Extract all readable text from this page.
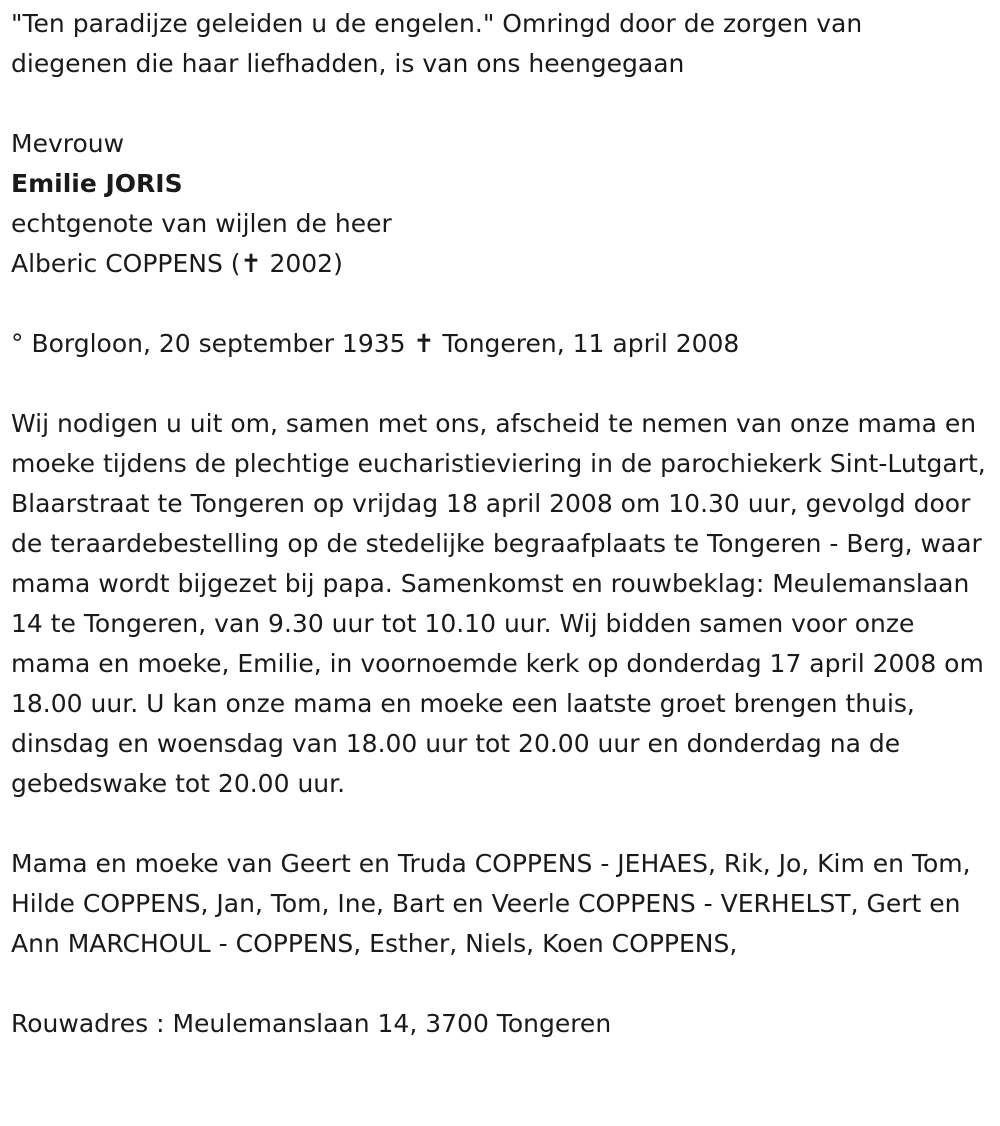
"Ten paradijze geleiden u de engelen." Omringd door de zorgen van diegenen die haar liefhadden, is van ons heengegaan

Mevrouw

Emilie JORIS

echtgenote van wijlen de heer

Alberic COPPENS (✝ 2002)

° Borgloon, 20 september 1935 ✝ Tongeren, 11 april 2008

Wij nodigen u uit om, samen met ons, afscheid te nemen van onze mama en moeke tijdens de plechtige eucharistieviering in de parochiekerk Sint-Lutgart, Blaarstraat te Tongeren op vrijdag 18 april 2008 om 10.30 uur, gevolgd door de teraardebestelling op de stedelijke begraafplaats te Tongeren - Berg, waar mama wordt bijgezet bij papa. Samenkomst en rouwbeklag: Meulemanslaan 14 te Tongeren, van 9.30 uur tot 10.10 uur. Wij bidden samen voor onze mama en moeke, Emilie, in voornoemde kerk op donderdag 17 april 2008 om 18.00 uur. U kan onze mama en moeke een laatste groet brengen thuis, dinsdag en woensdag van 18.00 uur tot 20.00 uur en donderdag na de gebedswake tot 20.00 uur.

Mama en moeke van Geert en Truda COPPENS - JEHAES, Rik, Jo, Kim en Tom, Hilde COPPENS, Jan, Tom, Ine, Bart en Veerle COPPENS - VERHELST, Gert en Ann MARCHOUL - COPPENS, Esther, Niels, Koen COPPENS,

Rouwadres : Meulemanslaan 14, 3700 Tongeren
